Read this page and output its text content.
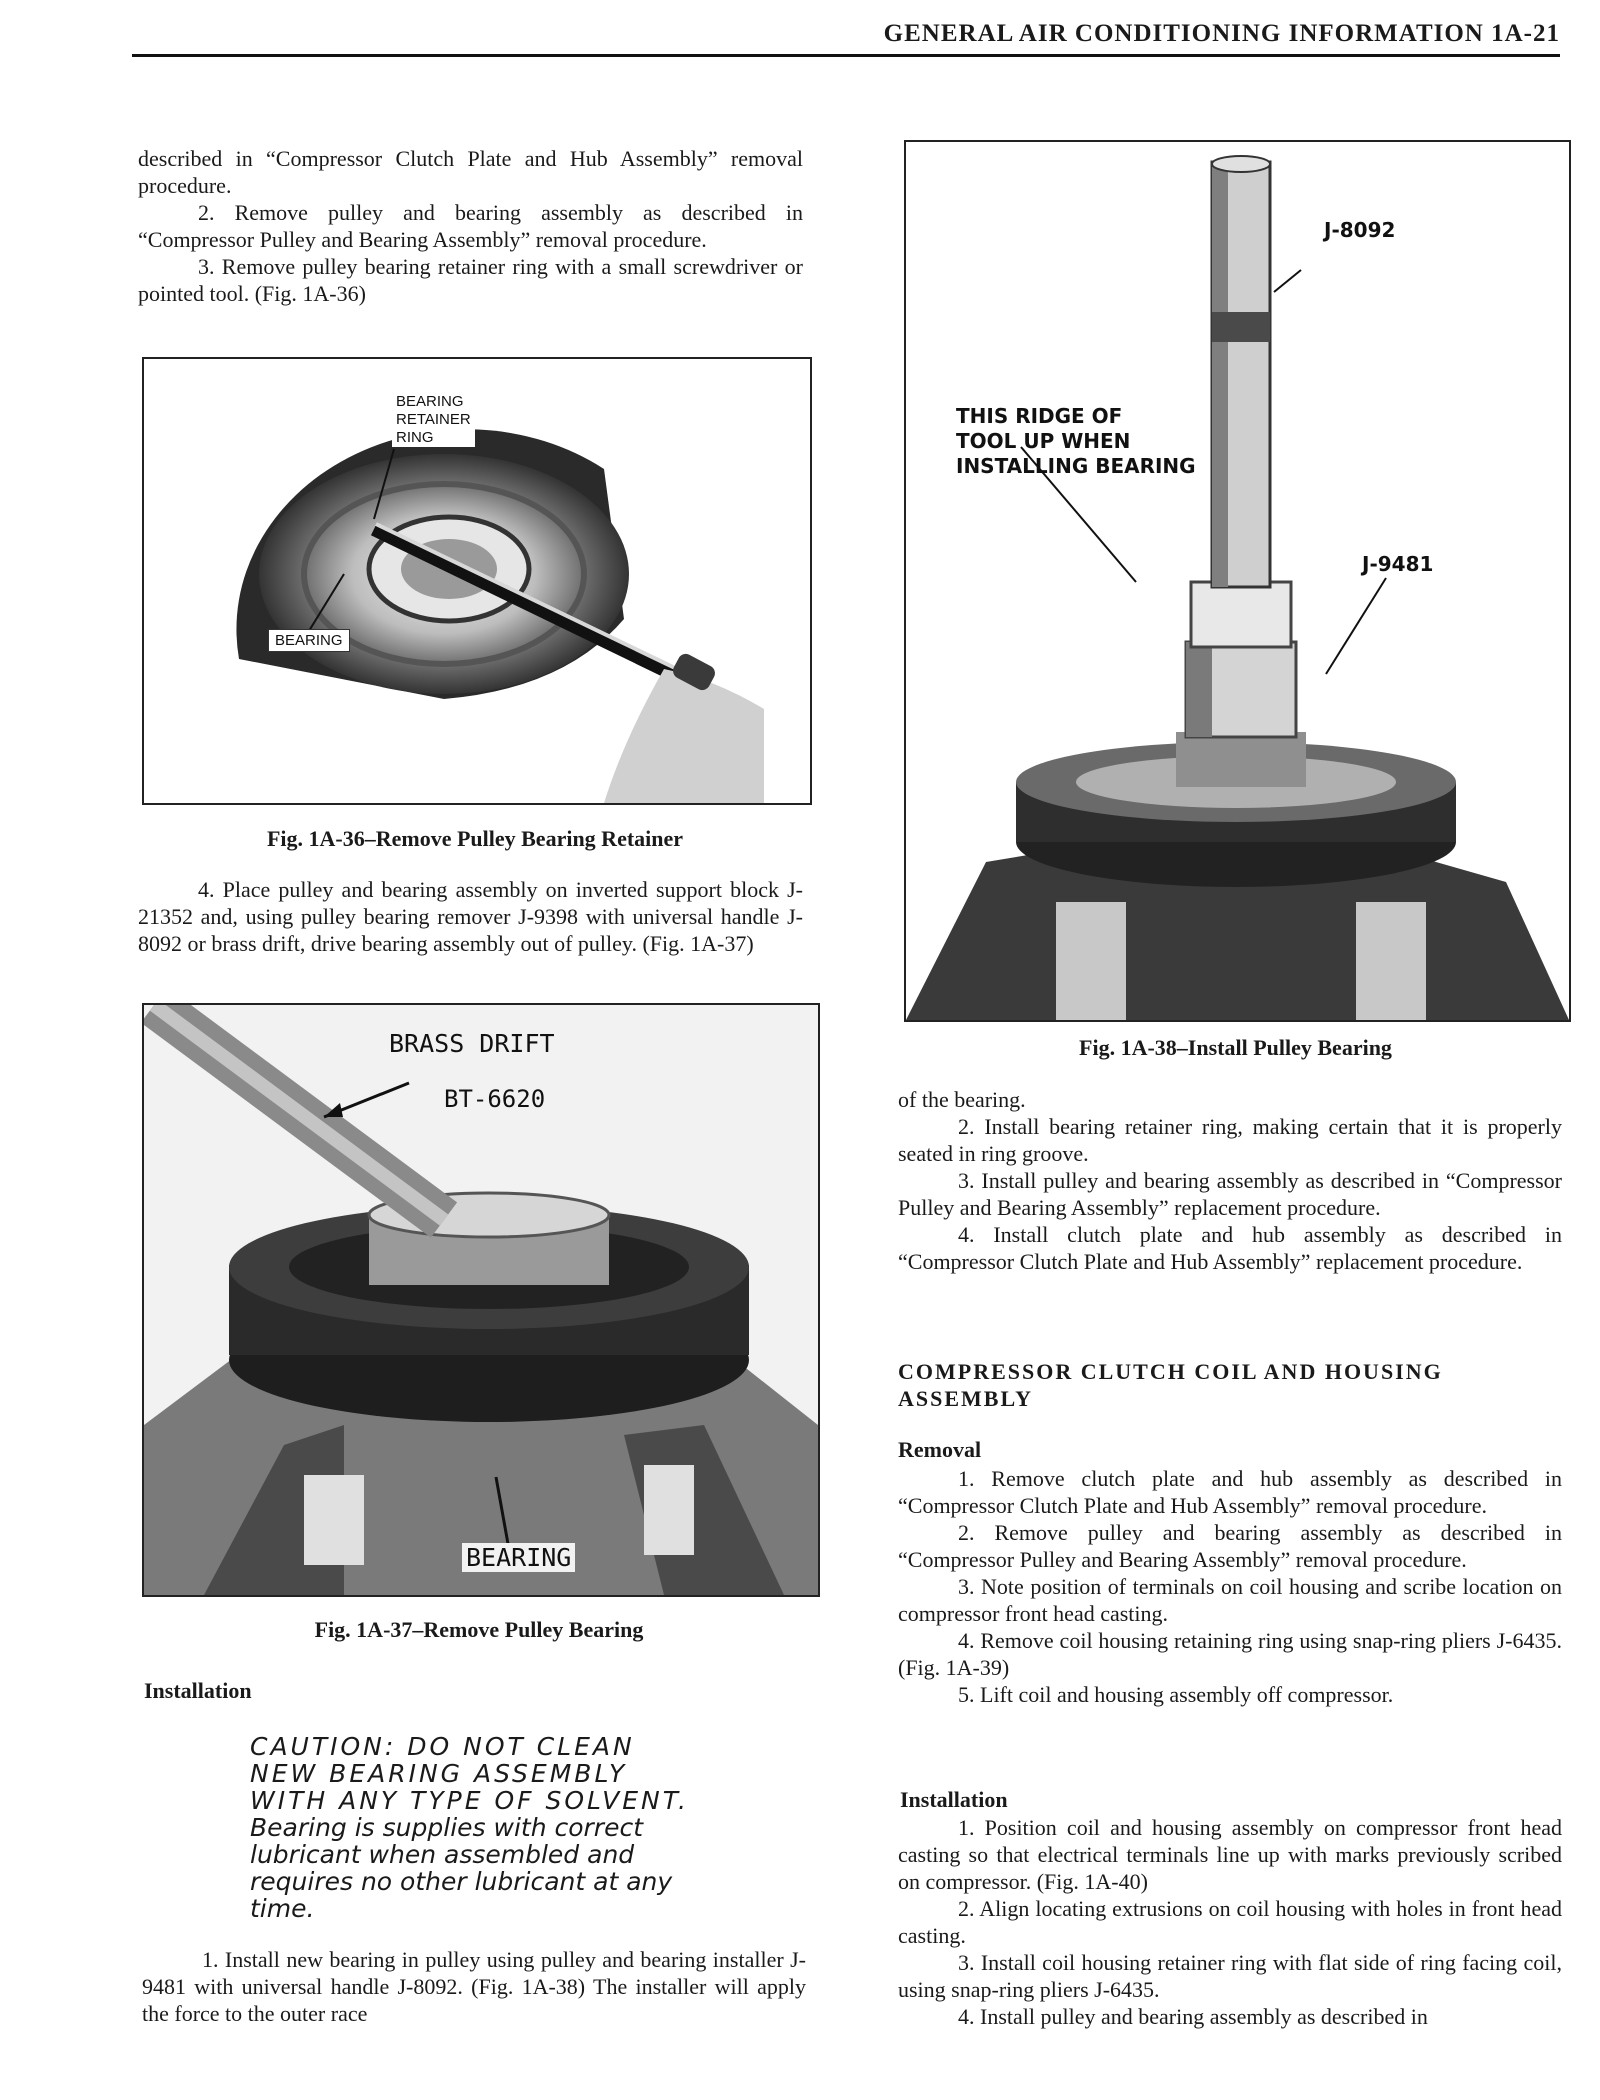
GENERAL AIR CONDITIONING INFORMATION 1A-21

described in “Compressor Clutch Plate and Hub Assembly” removal procedure.

2. Remove pulley and bearing assembly as described in “Compressor Pulley and Bearing Assembly” removal procedure.

3. Remove pulley bearing retainer ring with a small screwdriver or pointed tool. (Fig. 1A-36)

BEARING
RETAINER
RING
BEARING
Fig. 1A-36–Remove Pulley Bearing Retainer

4. Place pulley and bearing assembly on inverted support block J-21352 and, using pulley bearing remover J-9398 with universal handle J-8092 or brass drift, drive bearing assembly out of pulley. (Fig. 1A-37)

BRASS DRIFT
BT-6620
BEARING
Fig. 1A-37–Remove Pulley Bearing
Installation
CAUTION: DO NOT CLEAN
NEW BEARING ASSEMBLY
WITH ANY TYPE OF SOLVENT.
Bearing is supplies with correct
lubricant when assembled and
requires no other lubricant at any
time.

1. Install new bearing in pulley using pulley and bearing installer J-9481 with universal handle J-8092. (Fig. 1A-38) The installer will apply the force to the outer race

J-8092
THIS RIDGE OF
TOOL UP WHEN
INSTALLING BEARING
J-9481
Fig. 1A-38–Install Pulley Bearing

of the bearing.

2. Install bearing retainer ring, making certain that it is properly seated in ring groove.

3. Install pulley and bearing assembly as described in “Compressor Pulley and Bearing Assembly” replacement procedure.

4. Install clutch plate and hub assembly as described in “Compressor Clutch Plate and Hub Assembly” replacement procedure.

COMPRESSOR CLUTCH COIL AND HOUSING ASSEMBLY
Removal

1. Remove clutch plate and hub assembly as described in “Compressor Clutch Plate and Hub Assembly” removal procedure.

2. Remove pulley and bearing assembly as described in “Compressor Pulley and Bearing Assembly” removal procedure.

3. Note position of terminals on coil housing and scribe location on compressor front head casting.

4. Remove coil housing retaining ring using snap-ring pliers J-6435. (Fig. 1A-39)

5. Lift coil and housing assembly off compressor.

Installation

1. Position coil and housing assembly on compressor front head casting so that electrical terminals line up with marks previously scribed on compressor. (Fig. 1A-40)

2. Align locating extrusions on coil housing with holes in front head casting.

3. Install coil housing retainer ring with flat side of ring facing coil, using snap-ring pliers J-6435.

4. Install pulley and bearing assembly as described in
